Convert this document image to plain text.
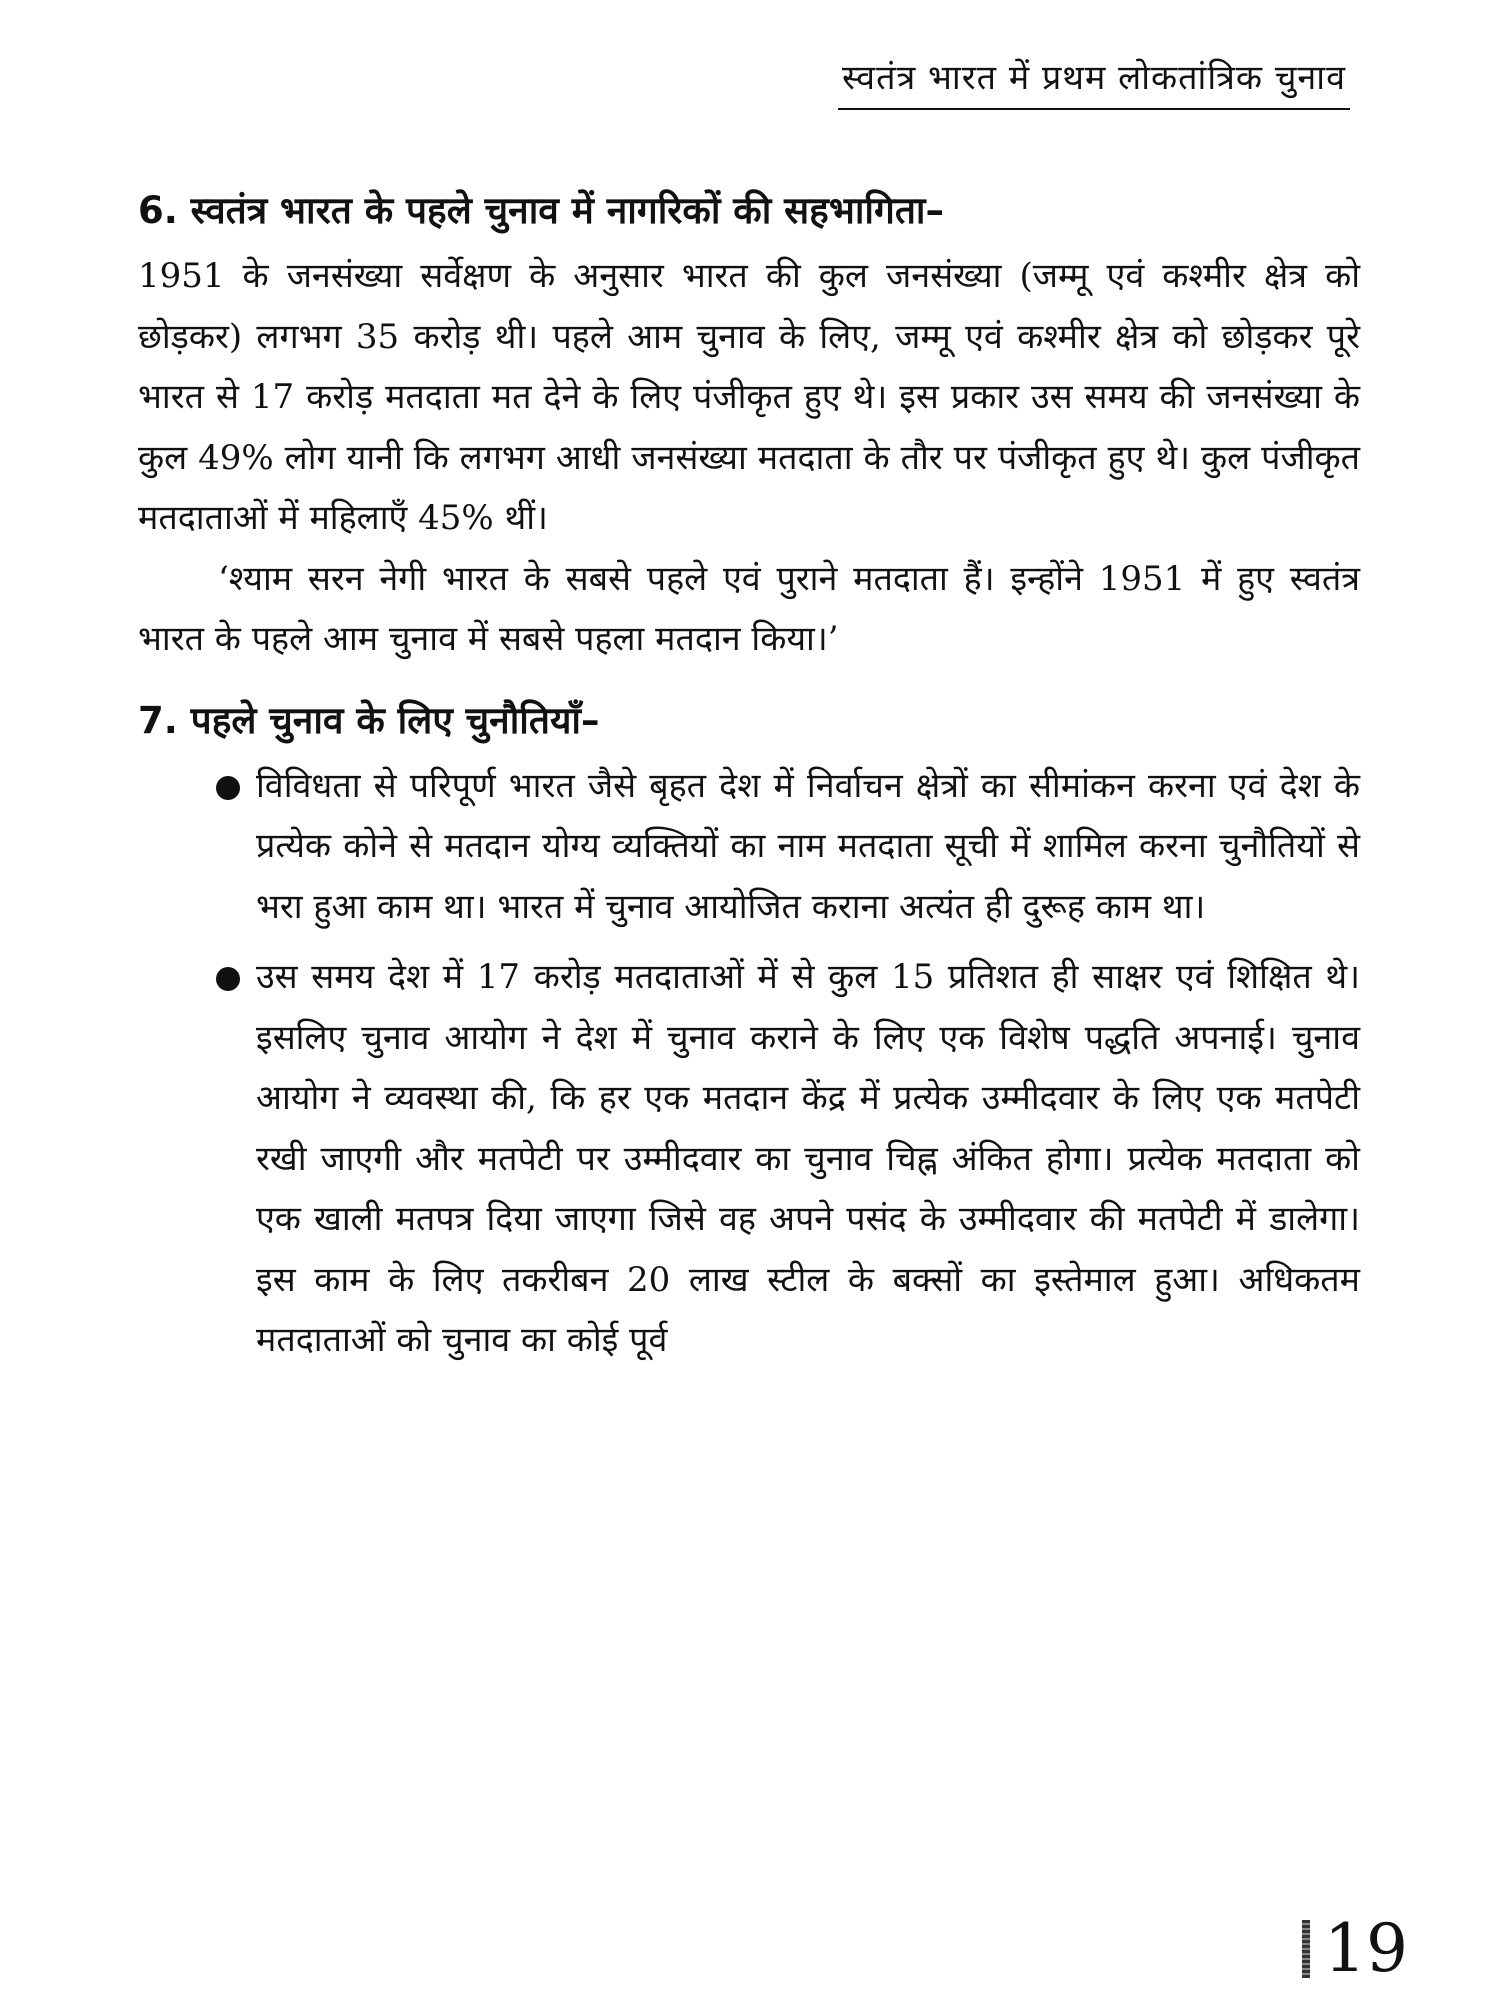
स्वतंत्र भारत में प्रथम लोकतांत्रिक चुनाव
6. स्वतंत्र भारत के पहले चुनाव में नागरिकों की सहभागिता–

1951 के जनसंख्या सर्वेक्षण के अनुसार भारत की कुल जनसंख्या (जम्मू एवं कश्मीर क्षेत्र को छोड़कर) लगभग 35 करोड़ थी। पहले आम चुनाव के लिए, जम्मू एवं कश्मीर क्षेत्र को छोड़कर पूरे भारत से 17 करोड़ मतदाता मत देने के लिए पंजीकृत हुए थे। इस प्रकार उस समय की जनसंख्या के कुल 49% लोग यानी कि लगभग आधी जनसंख्या मतदाता के तौर पर पंजीकृत हुए थे। कुल पंजीकृत मतदाताओं में महिलाएँ 45% थीं।

‘श्याम सरन नेगी भारत के सबसे पहले एवं पुराने मतदाता हैं। इन्होंने 1951 में हुए स्वतंत्र भारत के पहले आम चुनाव में सबसे पहला मतदान किया।’

7. पहले चुनाव के लिए चुनौतियाँ–

विविधता से परिपूर्ण भारत जैसे बृहत देश में निर्वाचन क्षेत्रों का सीमांकन करना एवं देश के प्रत्येक कोने से मतदान योग्य व्यक्तियों का नाम मतदाता सूची में शामिल करना चुनौतियों से भरा हुआ काम था। भारत में चुनाव आयोजित कराना अत्यंत ही दुरूह काम था।

उस समय देश में 17 करोड़ मतदाताओं में से कुल 15 प्रतिशत ही साक्षर एवं शिक्षित थे। इसलिए चुनाव आयोग ने देश में चुनाव कराने के लिए एक विशेष पद्धति अपनाई। चुनाव आयोग ने व्यवस्था की, कि हर एक मतदान केंद्र में प्रत्येक उम्मीदवार के लिए एक मतपेटी रखी जाएगी और मतपेटी पर उम्मीदवार का चुनाव चिह्न अंकित होगा। प्रत्येक मतदाता को एक खाली मतपत्र दिया जाएगा जिसे वह अपने पसंद के उम्मीदवार की मतपेटी में डालेगा। इस काम के लिए तकरीबन 20 लाख स्टील के बक्सों का इस्तेमाल हुआ। अधिकतम मतदाताओं को चुनाव का कोई पूर्व

19
